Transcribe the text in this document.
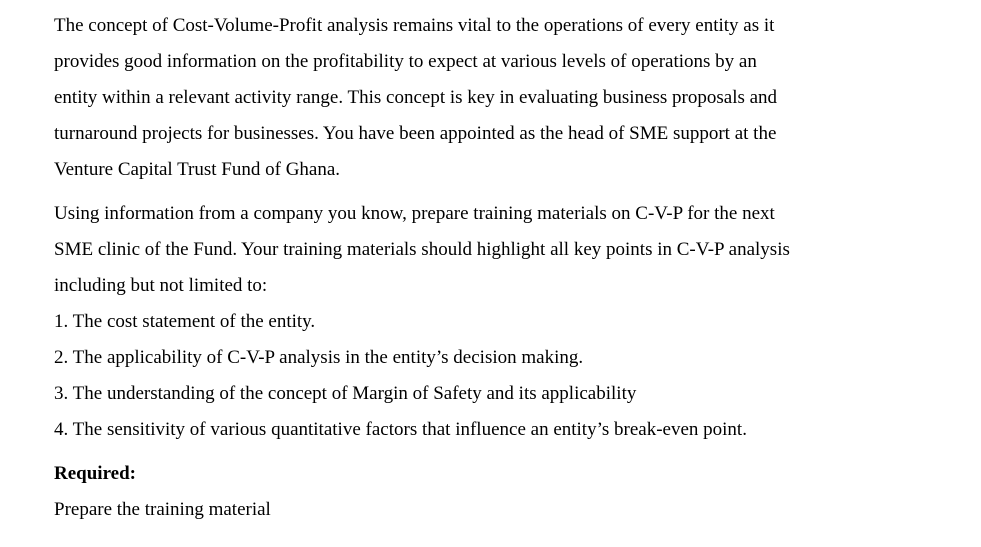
The concept of Cost-Volume-Profit analysis remains vital to the operations of every entity as it
provides good information on the profitability to expect at various levels of operations by an
entity within a relevant activity range. This concept is key in evaluating business proposals and
turnaround projects for businesses. You have been appointed as the head of SME support at the
Venture Capital Trust Fund of Ghana.
Using information from a company you know, prepare training materials on C-V-P for the next
SME clinic of the Fund. Your training materials should highlight all key points in C-V-P analysis
including but not limited to:
1. The cost statement of the entity.
2. The applicability of C-V-P analysis in the entity’s decision making.
3. The understanding of the concept of Margin of Safety and its applicability
4. The sensitivity of various quantitative factors that influence an entity’s break-even point.
Required:
Prepare the training material
